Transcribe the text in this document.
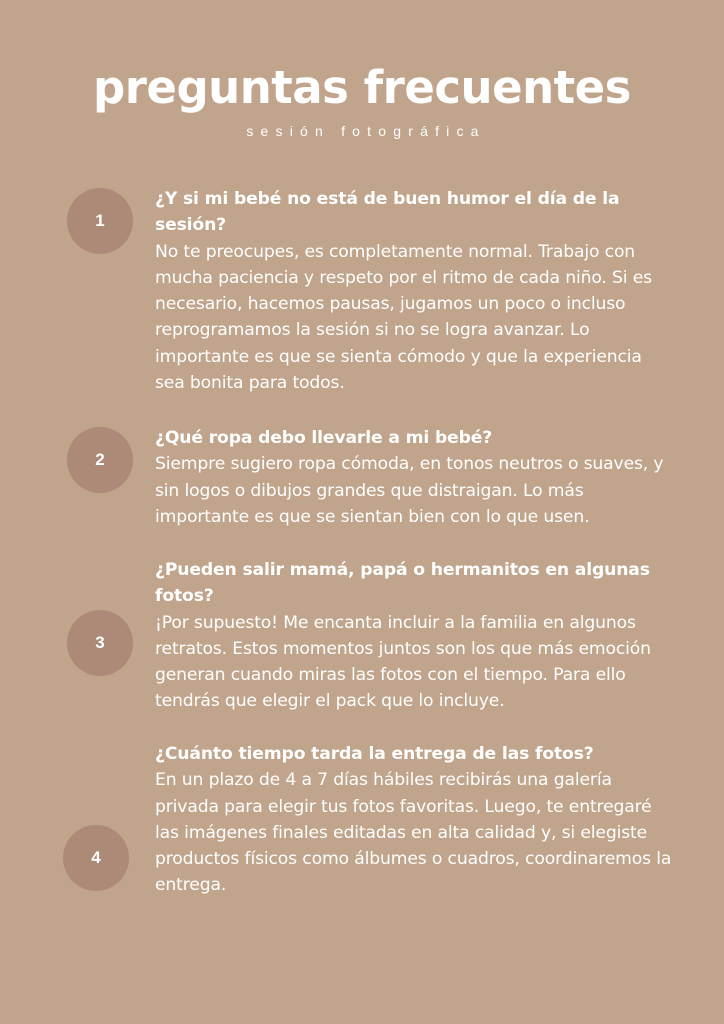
preguntas frecuentes
sesión fotográfica
1
¿Y si mi bebé no está de buen humor el día de la sesión?
No te preocupes, es completamente normal. Trabajo con mucha paciencia y respeto por el ritmo de cada niño. Si es necesario, hacemos pausas, jugamos un poco o incluso reprogramamos la sesión si no se logra avanzar. Lo importante es que se sienta cómodo y que la experiencia sea bonita para todos.
2
¿Qué ropa debo llevarle a mi bebé?
Siempre sugiero ropa cómoda, en tonos neutros o suaves, y sin logos o dibujos grandes que distraigan. Lo más importante es que se sientan bien con lo que usen.
3
¿Pueden salir mamá, papá o hermanitos en algunas fotos?
¡Por supuesto! Me encanta incluir a la familia en algunos retratos. Estos momentos juntos son los que más emoción generan cuando miras las fotos con el tiempo. Para ello tendrás que elegir el pack que lo incluye.
4
¿Cuánto tiempo tarda la entrega de las fotos?
En un plazo de 4 a 7 días hábiles recibirás una galería privada para elegir tus fotos favoritas. Luego, te entregaré las imágenes finales editadas en alta calidad y, si elegiste productos físicos como álbumes o cuadros, coordinaremos la entrega.
